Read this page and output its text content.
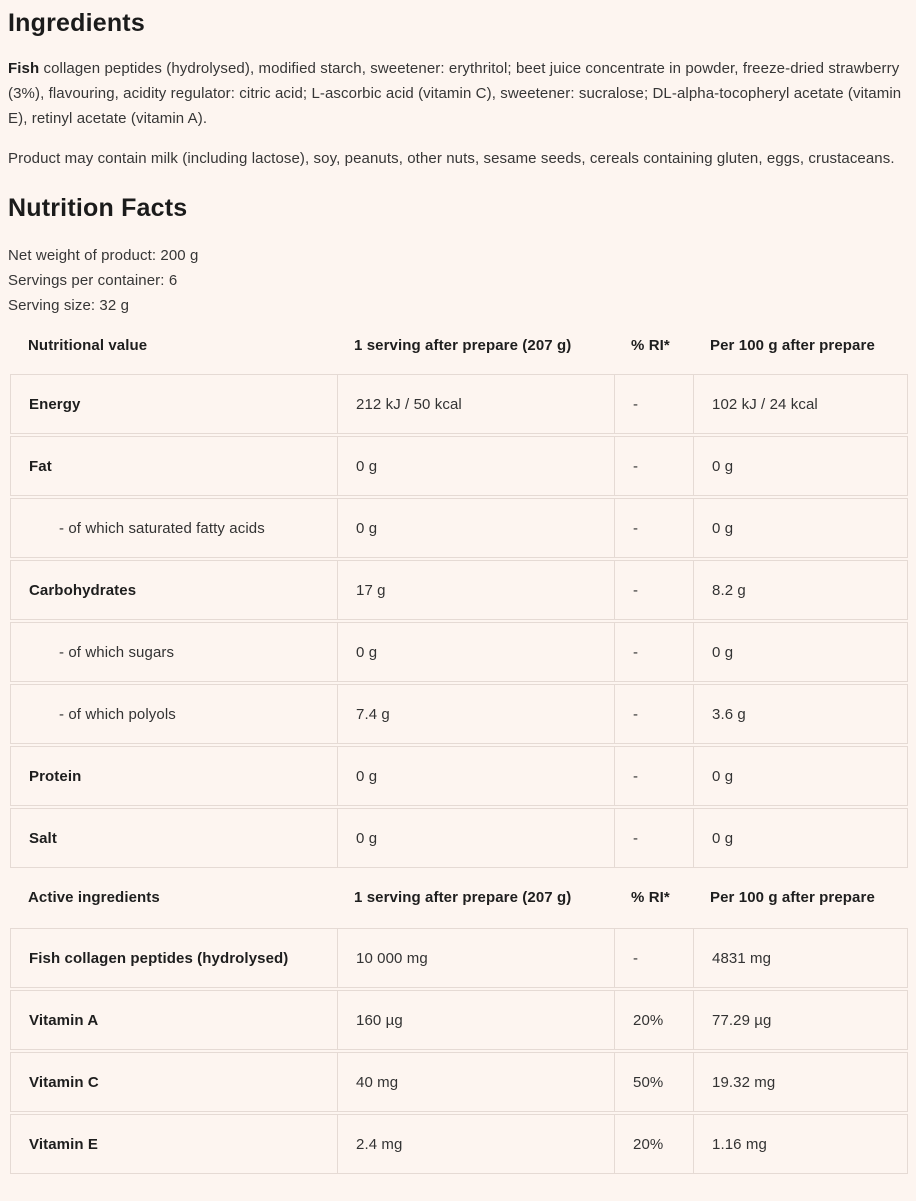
Ingredients

Fish collagen peptides (hydrolysed), modified starch, sweetener: erythritol; beet juice concentrate in powder, freeze-dried strawberry (3%), flavouring, acidity regulator: citric acid; L-ascorbic acid (vitamin C), sweetener: sucralose; DL-alpha-tocopheryl acetate (vitamin E), retinyl acetate (vitamin A).

Product may contain milk (including lactose), soy, peanuts, other nuts, sesame seeds, cereals containing gluten, eggs, crustaceans.

Nutrition Facts

Net weight of product: 200 g

Servings per container: 6

Serving size: 32 g

Nutritional value	1 serving after prepare (207 g)	% RI*	Per 100 g after prepare
Energy	212 kJ / 50 kcal	-	102 kJ / 24 kcal
Fat	0 g	-	0 g
- of which saturated fatty acids	0 g	-	0 g
Carbohydrates	17 g	-	8.2 g
- of which sugars	0 g	-	0 g
- of which polyols	7.4 g	-	3.6 g
Protein	0 g	-	0 g
Salt	0 g	-	0 g
Active ingredients	1 serving after prepare (207 g)	% RI*	Per 100 g after prepare
Fish collagen peptides (hydrolysed)	10 000 mg	-	4831 mg
Vitamin A	160 µg	20%	77.29 µg
Vitamin C	40 mg	50%	19.32 mg
Vitamin E	2.4 mg	20%	1.16 mg
